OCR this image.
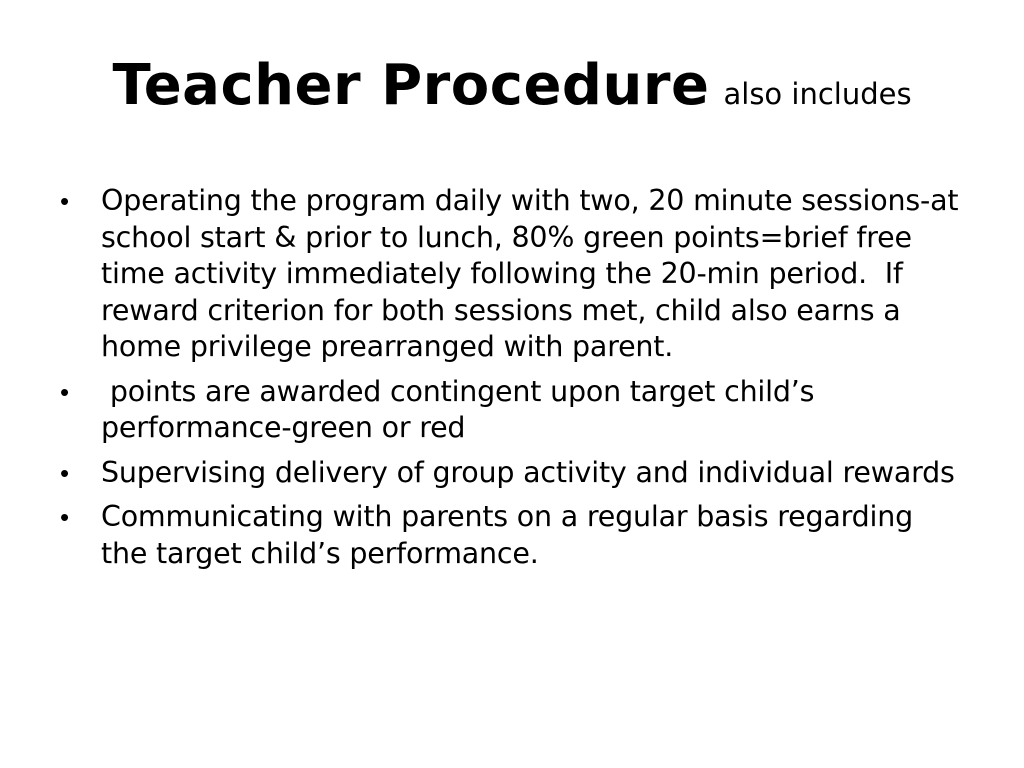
Teacher Procedure also includes
•	Operating the program daily with two, 20 minute sessions-at school start & prior to lunch, 80% green points=brief free time activity immediately following the 20-min period.  If reward criterion for both sessions met, child also earns a home privilege prearranged with parent.
•	points are awarded contingent upon target child’s performance-green or red
•	Supervising delivery of group activity and individual rewards
•	Communicating with parents on a regular basis regarding the target child’s performance.
